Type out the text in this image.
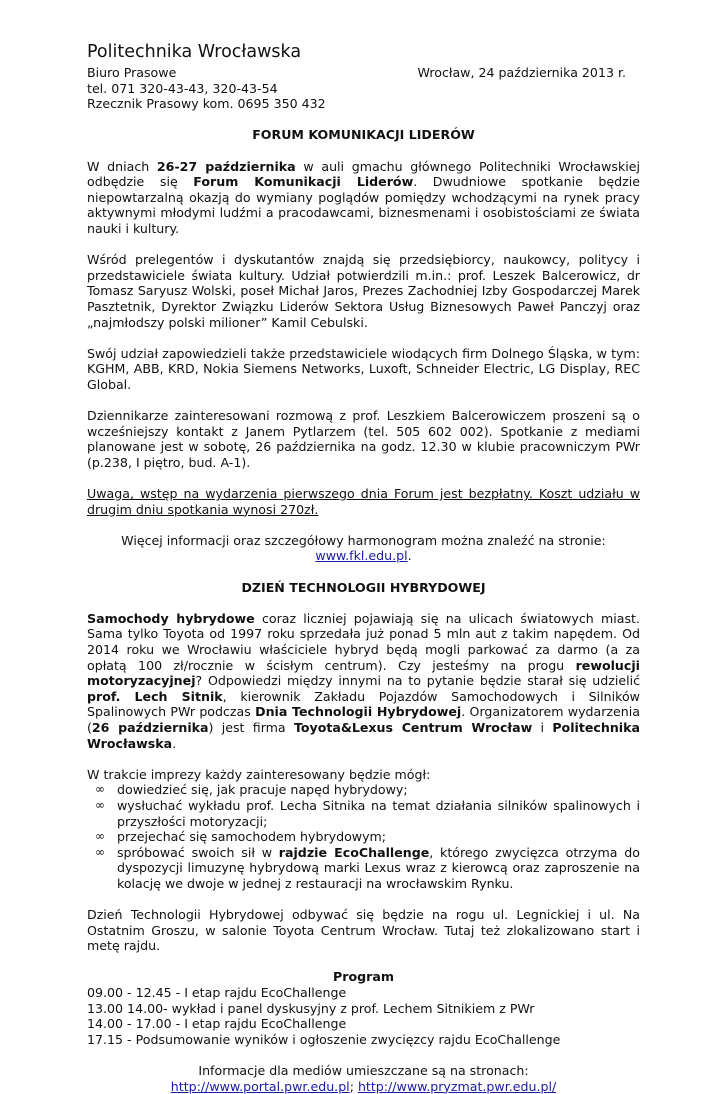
Politechnika Wrocławska
Biuro Prasowe	Wrocław, 24 października 2013 r.
tel. 071 320-43-43, 320-43-54
Rzecznik Prasowy kom. 0695 350 432
FORUM KOMUNIKACJI LIDERÓW

W dniach 26-27 października w auli gmachu głównego Politechniki Wrocławskiej odbędzie się Forum Komunikacji Liderów. Dwudniowe spotkanie będzie niepowtarzalną okazją do wymiany poglądów pomiędzy wchodzącymi na rynek pracy aktywnymi młodymi ludźmi a pracodawcami, biznesmenami i osobistościami ze świata nauki i kultury.

Wśród prelegentów i dyskutantów znajdą się przedsiębiorcy, naukowcy, politycy i przedstawiciele świata kultury. Udział potwierdzili m.in.: prof. Leszek Balcerowicz, dr Tomasz Saryusz Wolski, poseł Michał Jaros, Prezes Zachodniej Izby Gospodarczej Marek Pasztetnik, Dyrektor Związku Liderów Sektora Usług Biznesowych Paweł Panczyj oraz „najmłodszy polski milioner” Kamil Cebulski.

Swój udział zapowiedzieli także przedstawiciele wiodących firm Dolnego Śląska, w tym: KGHM, ABB, KRD, Nokia Siemens Networks, Luxoft, Schneider Electric, LG Display, REC Global.

Dziennikarze zainteresowani rozmową z prof. Leszkiem Balcerowiczem proszeni są o wcześniejszy kontakt z Janem Pytlarzem (tel. 505 602 002). Spotkanie z mediami planowane jest w sobotę, 26 października na godz. 12.30 w klubie pracowniczym PWr (p.238, I piętro, bud. A-1).

Uwaga, wstęp na wydarzenia pierwszego dnia Forum jest bezpłatny. Koszt udziału w drugim dniu spotkania wynosi 270zł.

Więcej informacji oraz szczegółowy harmonogram można znaleźć na stronie:
www.fkl.edu.pl.
DZIEŃ TECHNOLOGII HYBRYDOWEJ

Samochody hybrydowe coraz liczniej pojawiają się na ulicach światowych miast. Sama tylko Toyota od 1997 roku sprzedała już ponad 5 mln aut z takim napędem. Od 2014 roku we Wrocławiu właściciele hybryd będą mogli parkować za darmo (a za opłatą 100 zł/rocznie w ścisłym centrum). Czy jesteśmy na progu rewolucji motoryzacyjnej? Odpowiedzi między innymi na to pytanie będzie starał się udzielić prof. Lech Sitnik, kierownik Zakładu Pojazdów Samochodowych i Silników Spalinowych PWr podczas Dnia Technologii Hybrydowej. Organizatorem wydarzenia (26 października) jest firma Toyota&Lexus Centrum Wrocław i Politechnika Wrocławska.

W trakcie imprezy każdy zainteresowany będzie mógł:
∞ dowiedzieć się, jak pracuje napęd hybrydowy;
∞ wysłuchać wykładu prof. Lecha Sitnika na temat działania silników spalinowych i przyszłości motoryzacji;
∞ przejechać się samochodem hybrydowym;
∞ spróbować swoich sił w rajdzie EcoChallenge, którego zwycięzca otrzyma do dyspozycji limuzynę hybrydową marki Lexus wraz z kierowcą oraz zaproszenie na kolację we dwoje w jednej z restauracji na wrocławskim Rynku.

Dzień Technologii Hybrydowej odbywać się będzie na rogu ul. Legnickiej i ul. Na Ostatnim Groszu, w salonie Toyota Centrum Wrocław. Tutaj też zlokalizowano start i metę rajdu.

Program
09.00 - 12.45 - I etap rajdu EcoChallenge
13.00 14.00- wykład i panel dyskusyjny z prof. Lechem Sitnikiem z PWr
14.00 - 17.00 - I etap rajdu EcoChallenge
17.15 - Podsumowanie wyników i ogłoszenie zwycięzcy rajdu EcoChallenge
Informacje dla mediów umieszczane są na stronach:
http://www.portal.pwr.edu.pl; http://www.pryzmat.pwr.edu.pl/
